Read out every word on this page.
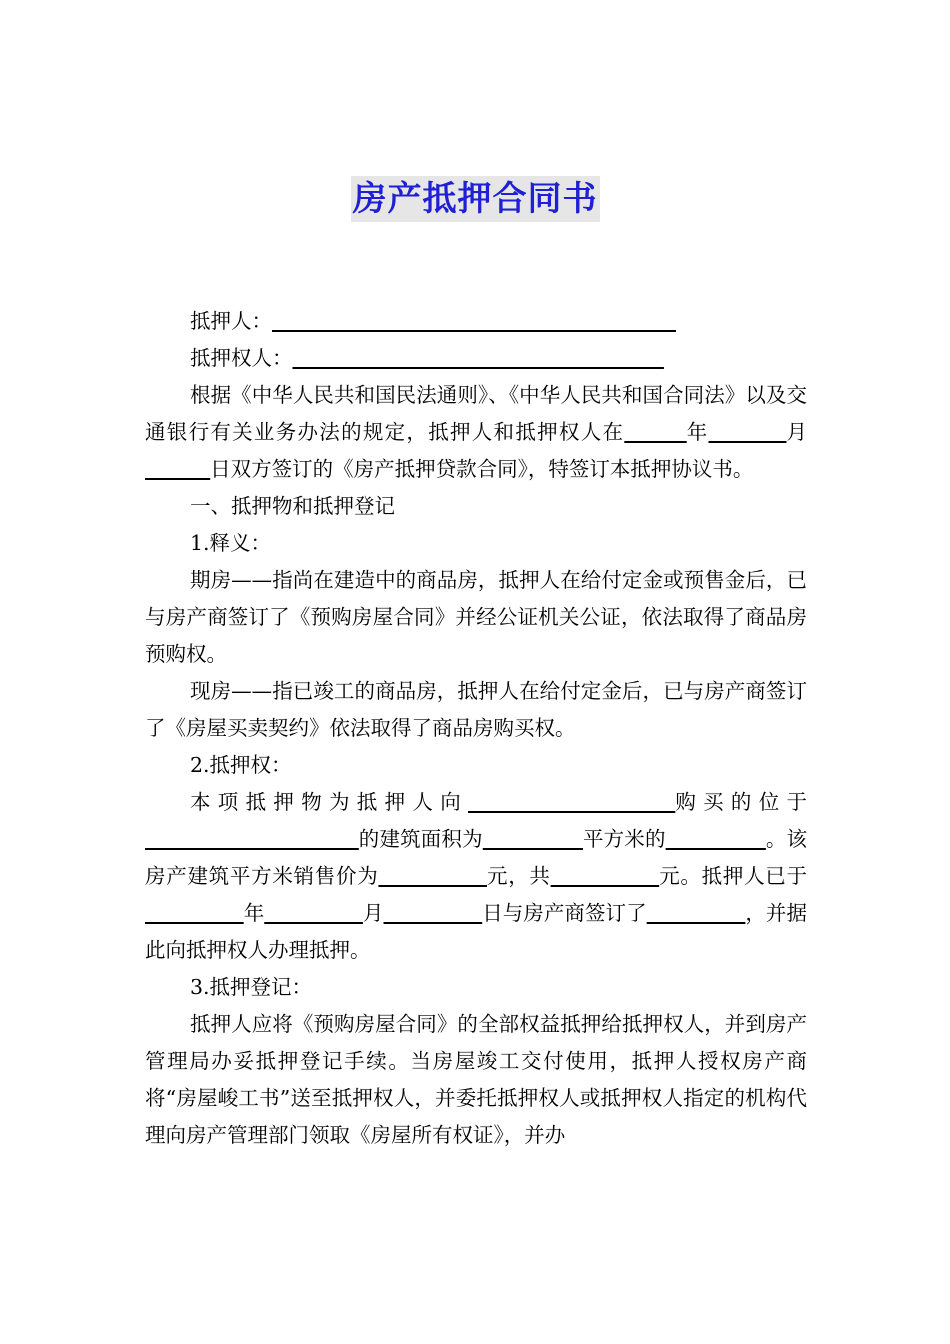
房产抵押合同书

抵押人：

抵押权人：

根据《中华人民共和国民法通则》、《中华人民共和国合同法》以及交通银行有关业务办法的规定，抵押人和抵押权人在	年	月          日双方签订的《房产抵押贷款合同》，特签订本抵押协议书。

一、抵押物和抵押登记

1.释义：

期房——指尚在建造中的商品房，抵押人在给付定金或预售金后，已与房产商签订了《预购房屋合同》并经公证机关公证，依法取得了商品房预购权。

现房——指已竣工的商品房，抵押人在给付定金后，已与房产商签订了《房屋买卖契约》依法取得了商品房购买权。

2.抵押权：

本项抵押物为抵押人向	购买的位于                                的建筑面积为	平方米的	。该房产建筑平方米销售价为	元，共	元。抵押人已于               年	月	日与房产商签订了	，并据此向抵押权人办理抵押。

3.抵押登记：

抵押人应将《预购房屋合同》的全部权益抵押给抵押权人，并到房产管理局办妥抵押登记手续。当房屋竣工交付使用，抵押人授权房产商将“房屋峻工书”送至抵押权人，并委托抵押权人或抵押权人指定的机构代理向房产管理部门领取《房屋所有权证》，并办
